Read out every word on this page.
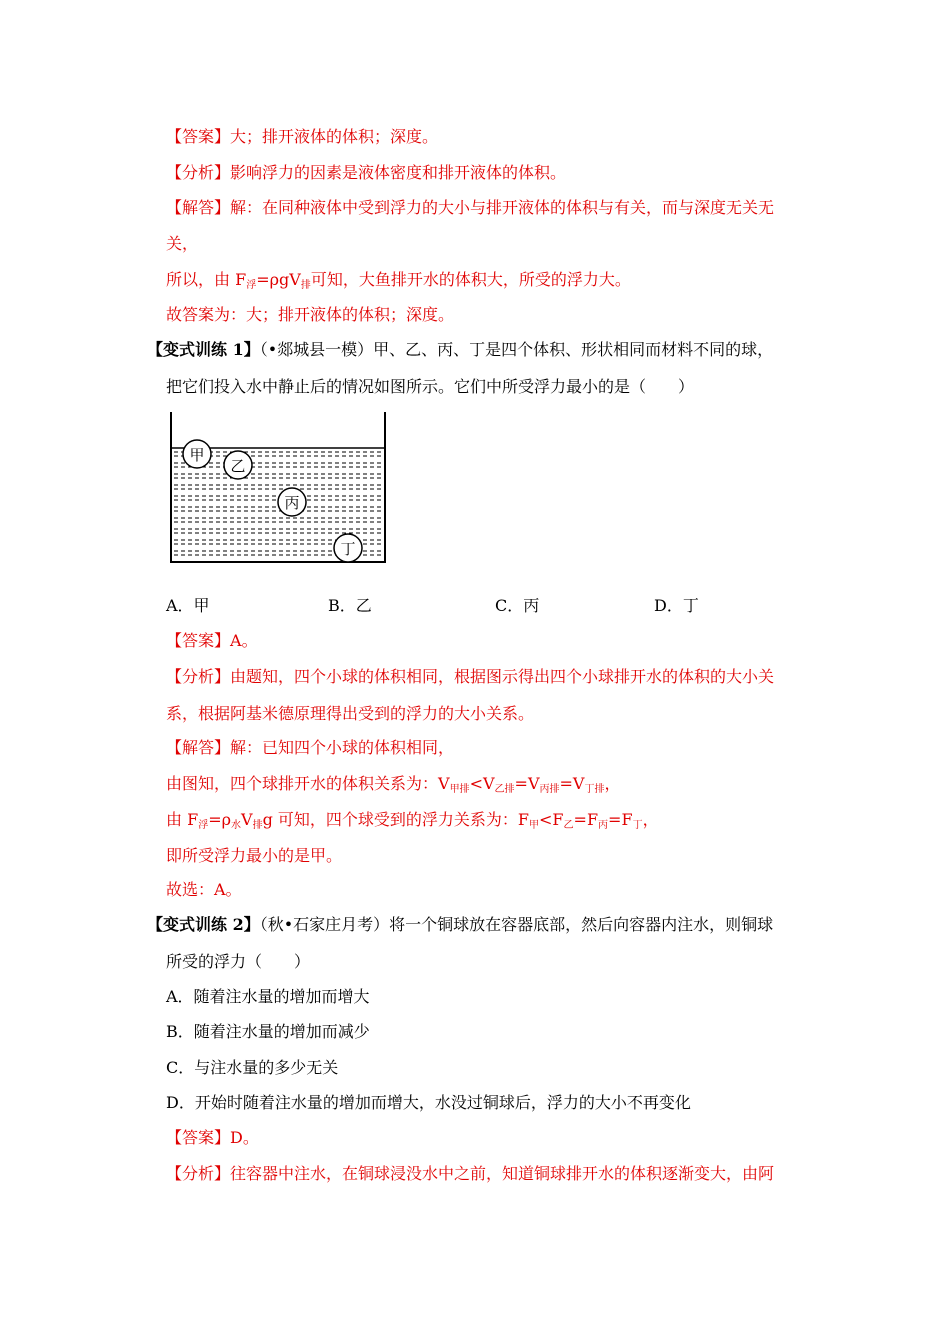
【答案】大；排开液体的体积；深度。
【分析】影响浮力的因素是液体密度和排开液体的体积。
【解答】解：在同种液体中受到浮力的大小与排开液体的体积与有关，而与深度无关无
关，
所以，由 $F_浮=\rho gV_排$可知，大鱼排开水的体积大，所受的浮力大。
故答案为：大；排开液体的体积；深度。
【变式训练 1】（•郯城县一模）甲、乙、丙、丁是四个体积、形状相同而材料不同的球，
把它们投入水中静止后的情况如图所示。它们中所受浮力最小的是（　　）
甲
乙
丙
丁
A．甲	B．乙	C．丙	D．丁
【答案】A。
【分析】由题知，四个小球的体积相同，根据图示得出四个小球排开水的体积的大小关
系，根据阿基米德原理得出受到的浮力的大小关系。
【解答】解：已知四个小球的体积相同，
由图知，四个球排开水的体积关系为：$V_{甲排}<V_{乙排}=V_{丙排}=V_{丁排}$，
由 $F_浮=\rho_水V_排g$ 可知，四个球受到的浮力关系为：$F_甲<F_乙=F_丙=F_丁$，
即所受浮力最小的是甲。
故选：A。
【变式训练 2】（秋•石家庄月考）将一个铜球放在容器底部，然后向容器内注水，则铜球
所受的浮力（　　）
A．随着注水量的增加而增大
B．随着注水量的增加而减少
C．与注水量的多少无关
D．开始时随着注水量的增加而增大，水没过铜球后，浮力的大小不再变化
【答案】D。
【分析】往容器中注水，在铜球浸没水中之前，知道铜球排开水的体积逐渐变大，由阿
